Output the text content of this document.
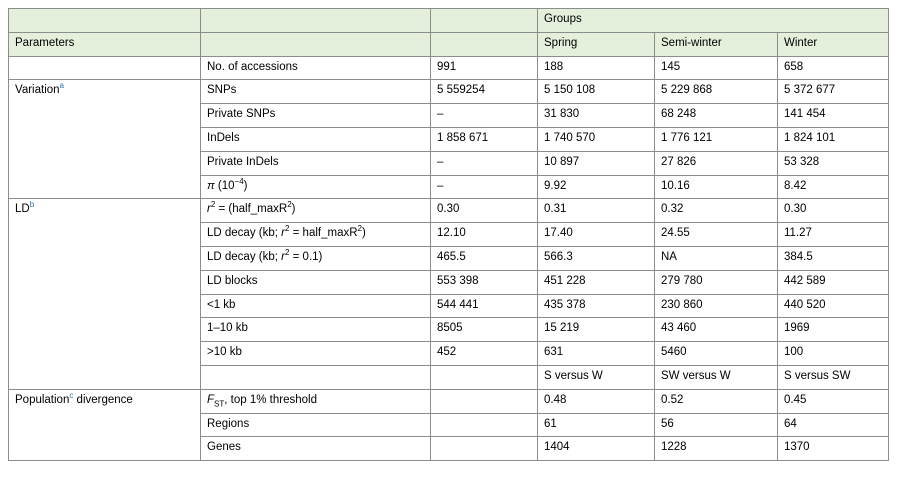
			Groups		
Parameters			Spring	Semi-winter	Winter
	No. of accessions	991	188	145	658
Variation$^a$	SNPs	5 559254	5 150 108	5 229 868	5 372 677
	Private SNPs	–	31 830	68 248	141 454
	InDels	1 858 671	1 740 570	1 776 121	1 824 101
	Private InDels	–	10 897	27 826	53 328
	π $(10^{-4})$	–	9.92	10.16	8.42
$LD^b$	$r^2$ = (half_maxR$^2$)	0.30	0.31	0.32	0.30
	LD decay (kb; $r^2$ = half_maxR$^2$)	12.10	17.40	24.55	11.27
	LD decay (kb; $r^2 = 0.1$)	465.5	566.3	NA	384.5
	LD blocks	553 398	451 228	279 780	442 589
	<1 kb	544 441	435 378	230 860	440 520
	1–10 kb	8505	15 219	43 460	1969
	>10 kb	452	631	5460	100
			S versus W	SW versus W	S versus SW
Population$^c$ divergence	$F_{ST}$, top 1% threshold		0.48	0.52	0.45
	Regions		61	56	64
	Genes		1404	1228	1370
